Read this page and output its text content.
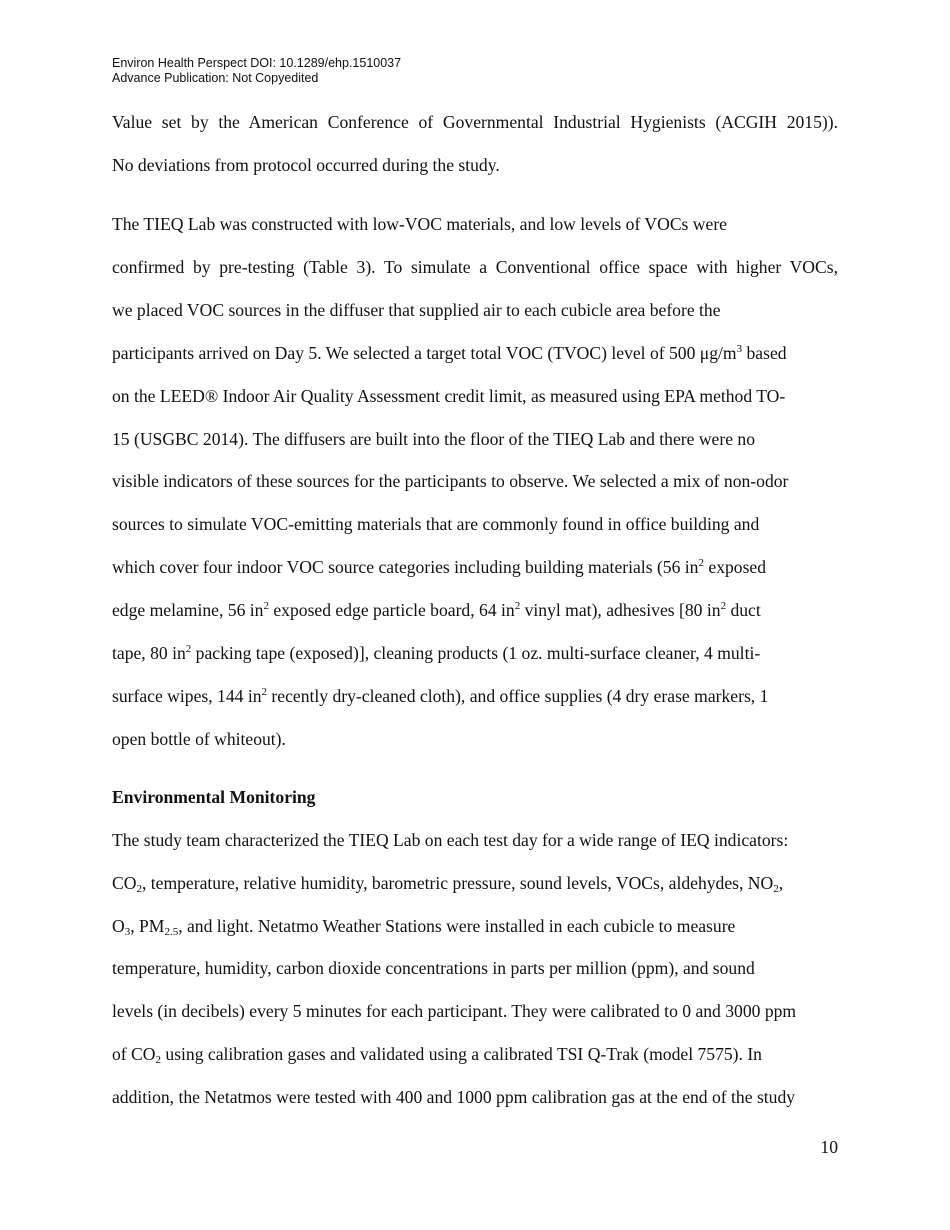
Environ Health Perspect DOI: 10.1289/ehp.1510037
Advance Publication: Not Copyedited
Value set by the American Conference of Governmental Industrial Hygienists (ACGIH 2015)).
No deviations from protocol occurred during the study.
The TIEQ Lab was constructed with low-VOC materials, and low levels of VOCs were
confirmed by pre-testing (Table 3). To simulate a Conventional office space with higher VOCs,
we placed VOC sources in the diffuser that supplied air to each cubicle area before the
participants arrived on Day 5. We selected a target total VOC (TVOC) level of 500 $\mu g/m^3$ based
on the LEED® Indoor Air Quality Assessment credit limit, as measured using EPA method TO-
15 (USGBC 2014). The diffusers are built into the floor of the TIEQ Lab and there were no
visible indicators of these sources for the participants to observe. We selected a mix of non-odor
sources to simulate VOC-emitting materials that are commonly found in office building and
which cover four indoor VOC source categories including building materials (56 $in^2$ exposed
edge melamine, 56 $in^2$ exposed edge particle board, 64 $in^2$ vinyl mat), adhesives [80 $in^2$ duct
tape, 80 $in^2$ packing tape (exposed)], cleaning products (1 oz. multi-surface cleaner, 4 multi-
surface wipes, 144 $in^2$ recently dry-cleaned cloth), and office supplies (4 dry erase markers, 1
open bottle of whiteout).
Environmental Monitoring
The study team characterized the TIEQ Lab on each test day for a wide range of IEQ indicators:
$CO_2$, temperature, relative humidity, barometric pressure, sound levels, VOCs, aldehydes, $NO_2$,
$O_3$, $PM_{2.5}$, and light. Netatmo Weather Stations were installed in each cubicle to measure
temperature, humidity, carbon dioxide concentrations in parts per million (ppm), and sound
levels (in decibels) every 5 minutes for each participant. They were calibrated to 0 and 3000 ppm
of $CO_2$ using calibration gases and validated using a calibrated TSI Q-Trak (model 7575). In
addition, the Netatmos were tested with 400 and 1000 ppm calibration gas at the end of the study
10
